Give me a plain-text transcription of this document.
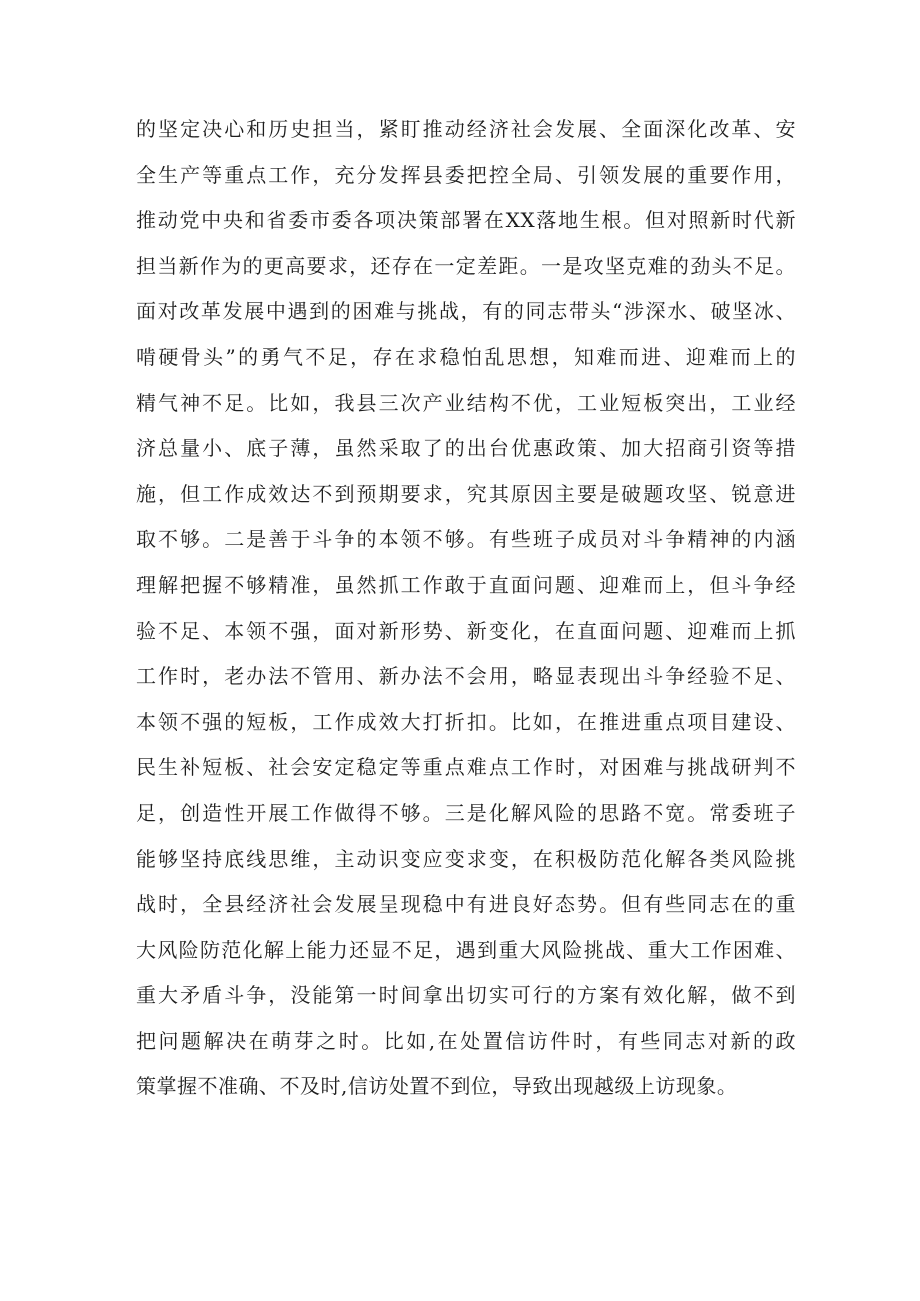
的坚定决心和历史担当，紧盯推动经济社会发展、全面深化改革、安
全生产等重点工作，充分发挥县委把控全局、引领发展的重要作用，
推动党中央和省委市委各项决策部署在XX落地生根。但对照新时代新
担当新作为的更高要求，还存在一定差距。一是攻坚克难的劲头不足。
面对改革发展中遇到的困难与挑战，有的同志带头“涉深水、破坚冰、
啃硬骨头”的勇气不足，存在求稳怕乱思想，知难而进、迎难而上的
精气神不足。比如，我县三次产业结构不优，工业短板突出，工业经
济总量小、底子薄，虽然采取了的出台优惠政策、加大招商引资等措
施，但工作成效达不到预期要求，究其原因主要是破题攻坚、锐意进
取不够。二是善于斗争的本领不够。有些班子成员对斗争精神的内涵
理解把握不够精准，虽然抓工作敢于直面问题、迎难而上，但斗争经
验不足、本领不强，面对新形势、新变化，在直面问题、迎难而上抓
工作时，老办法不管用、新办法不会用，略显表现出斗争经验不足、
本领不强的短板，工作成效大打折扣。比如，在推进重点项目建设、
民生补短板、社会安定稳定等重点难点工作时，对困难与挑战研判不
足，创造性开展工作做得不够。三是化解风险的思路不宽。常委班子
能够坚持底线思维，主动识变应变求变，在积极防范化解各类风险挑
战时，全县经济社会发展呈现稳中有进良好态势。但有些同志在的重
大风险防范化解上能力还显不足，遇到重大风险挑战、重大工作困难、
重大矛盾斗争，没能第一时间拿出切实可行的方案有效化解，做不到
把问题解决在萌芽之时。比如,在处置信访件时，有些同志对新的政
策掌握不准确、不及时,信访处置不到位，导致出现越级上访现象。
